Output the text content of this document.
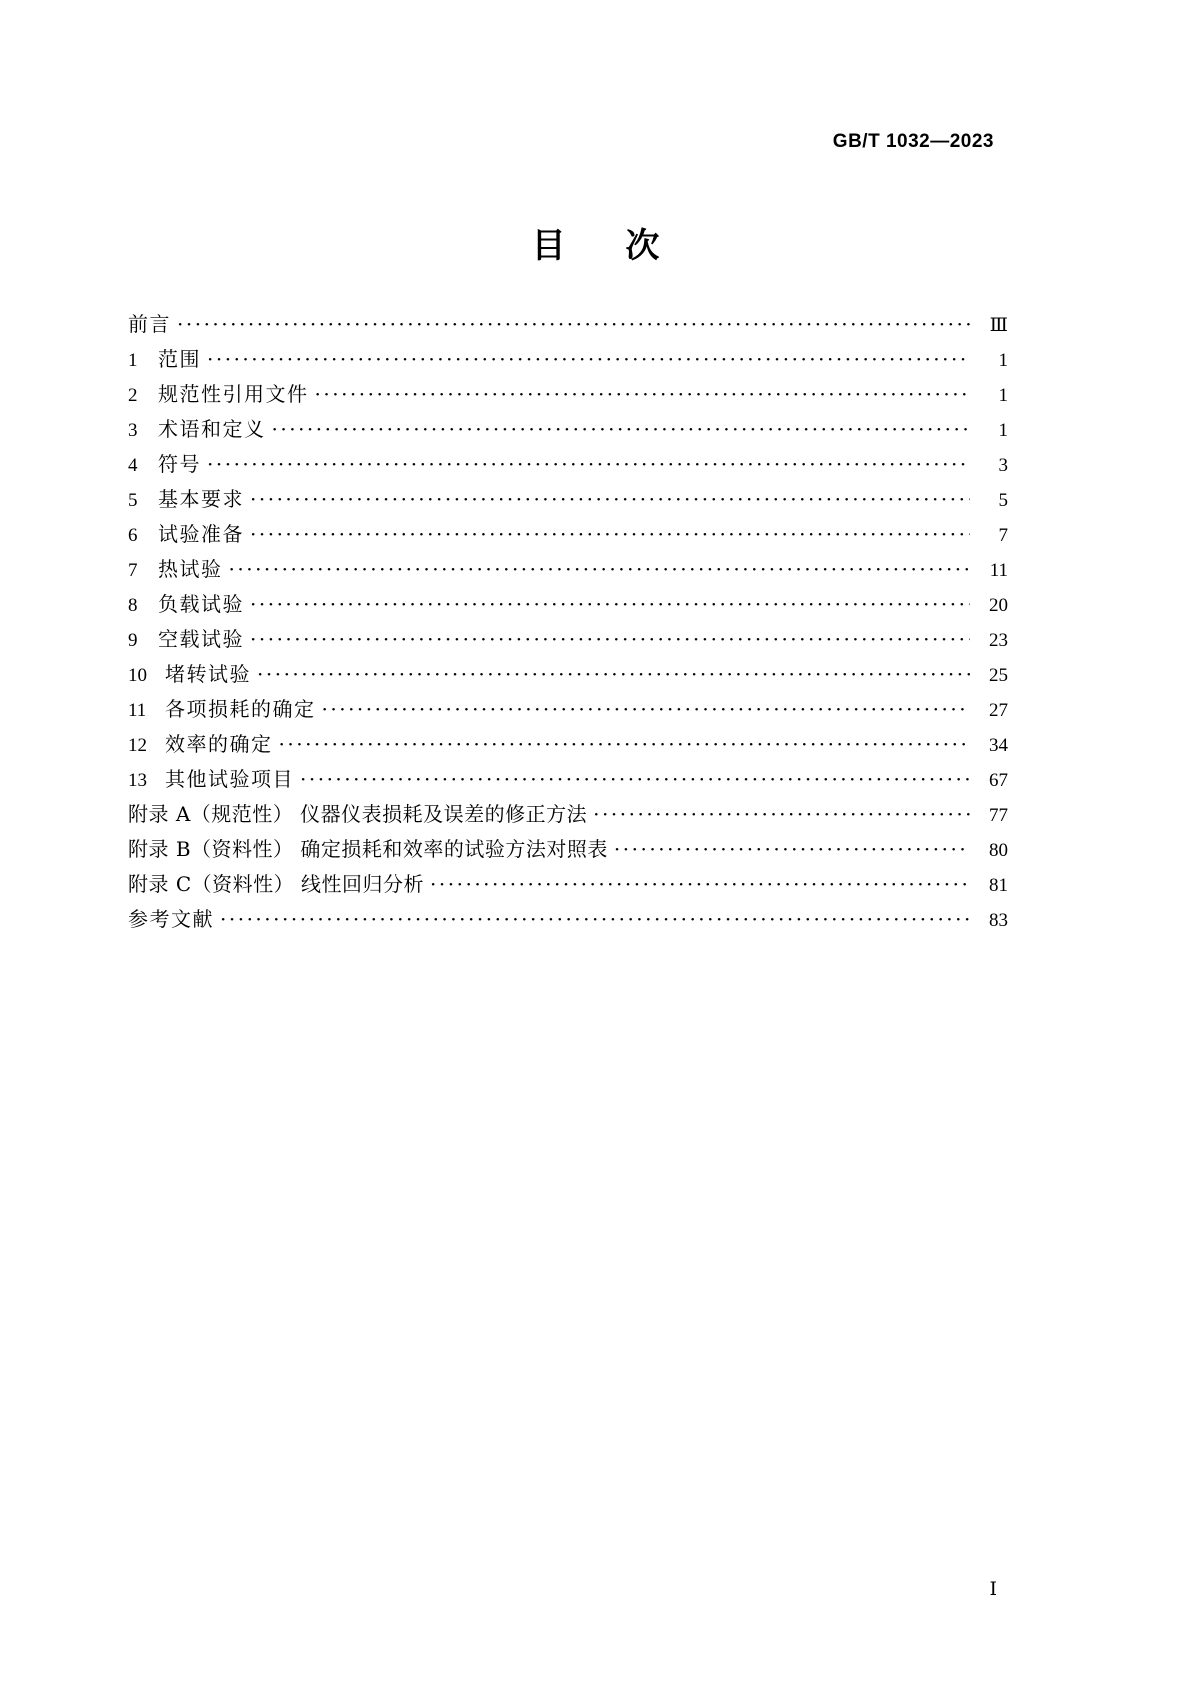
GB/T 1032—2023
目 次
前言 ·····	Ⅲ
1	范围 ·····	1
2	规范性引用文件 ·····	1
3	术语和定义 ·····	1
4	符号 ·····	3
5	基本要求 ·····	5
6	试验准备 ·····	7
7	热试验 ·····	11
8	负载试验 ·····	20
9	空载试验 ·····	23
10 堵转试验 ·····	25
11 各项损耗的确定 ·····	27
12 效率的确定 ·····	34
13 其他试验项目 ·····	67
附录 A（规范性） 仪器仪表损耗及误差的修正方法 ·····	77
附录 B（资料性） 确定损耗和效率的试验方法对照表 ·····	80
附录 C（资料性） 线性回归分析 ·····	81
参考文献 ·····	83
Ⅰ
